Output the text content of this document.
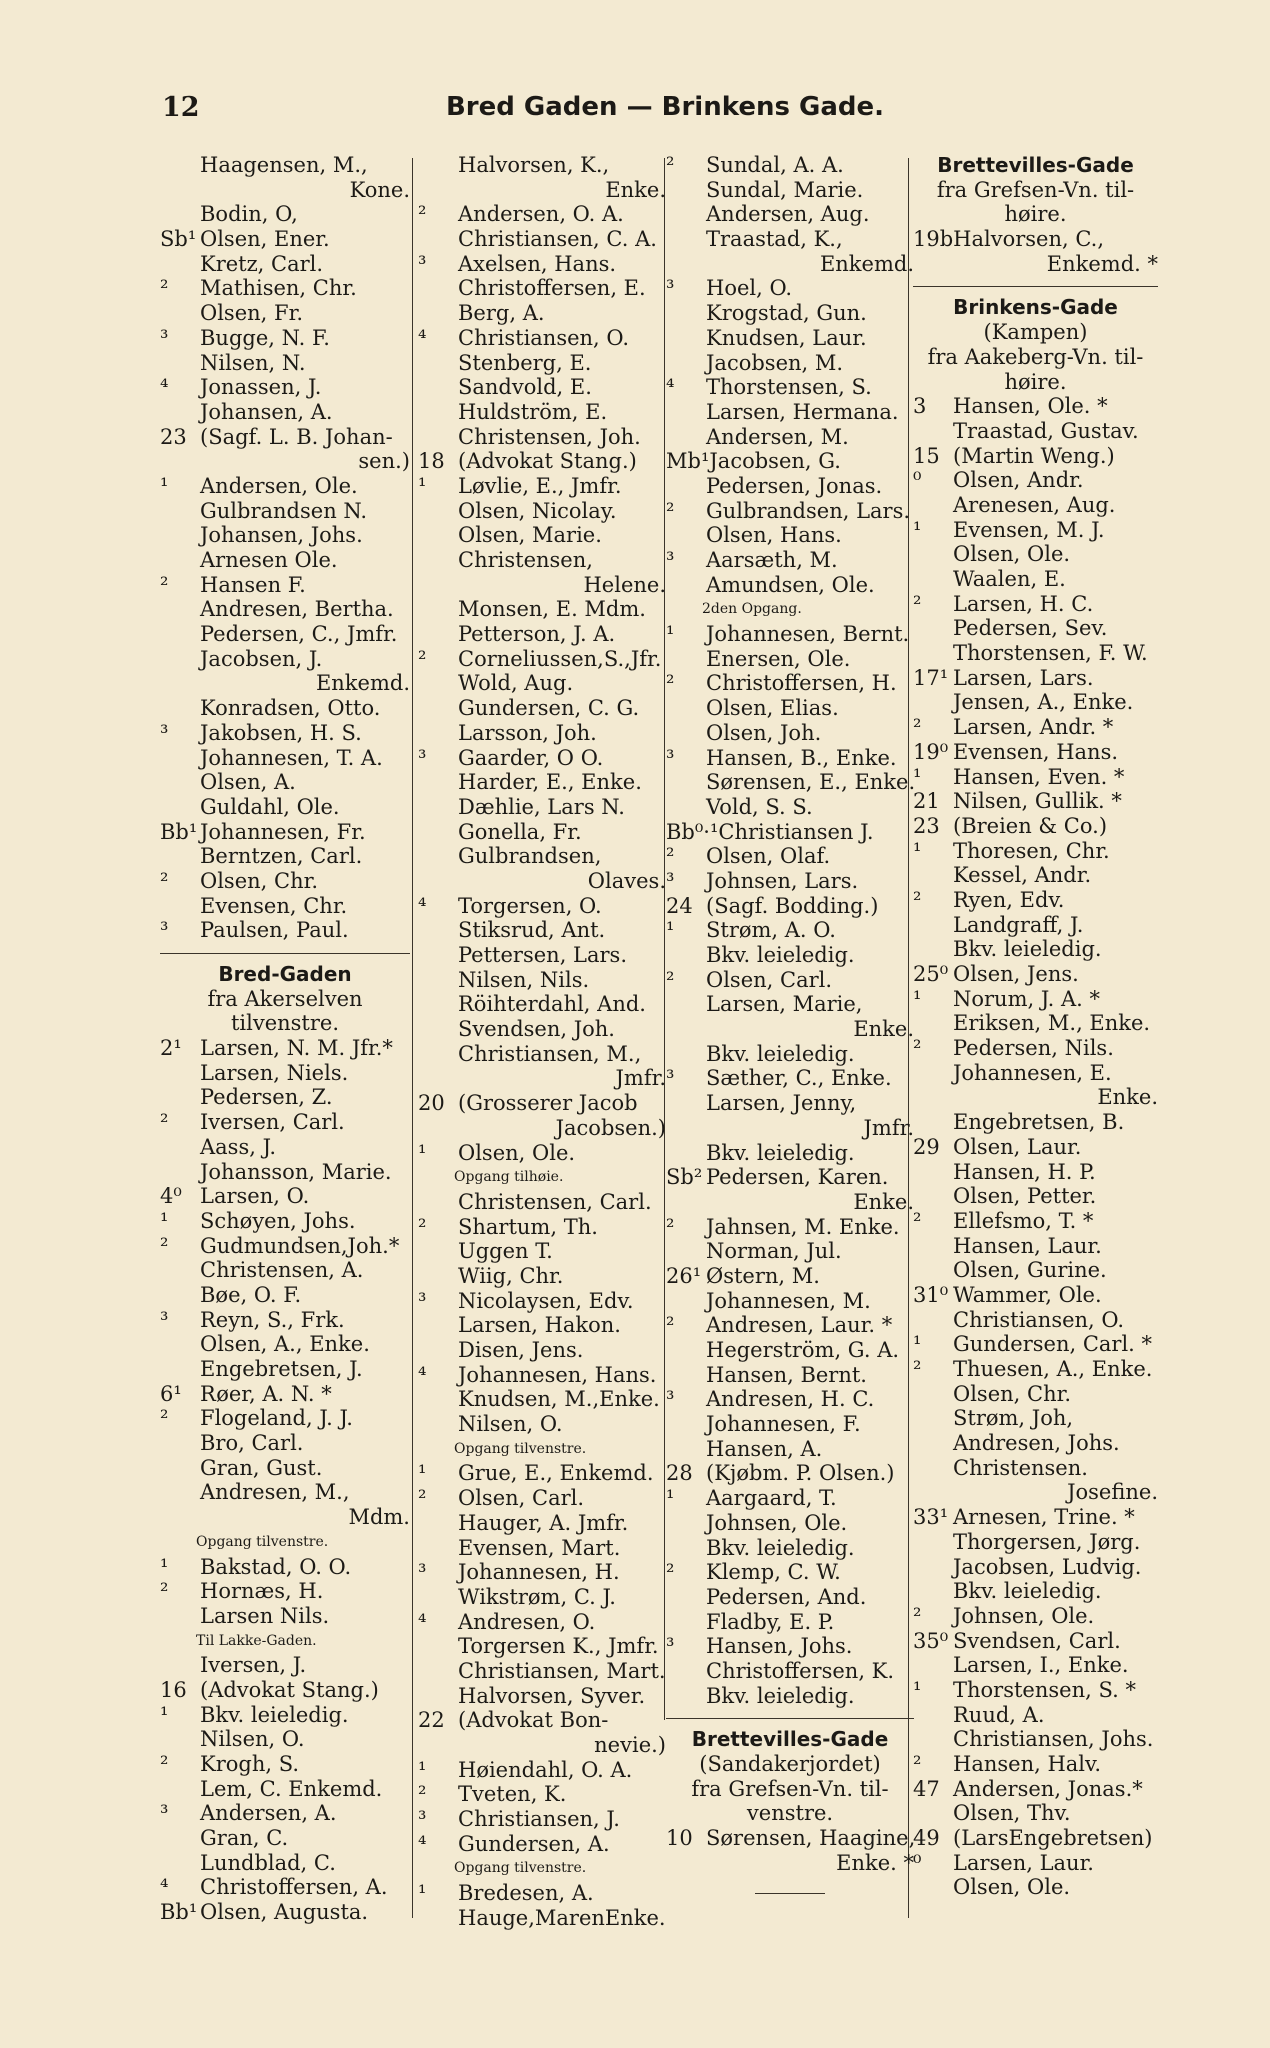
12	Bred Gaden — Brinkens Gade.
Haagensen, M.,
Kone.
Bodin, O,
Sb¹ Olsen, Ener.
Kretz, Carl.
² Mathisen, Chr.
Olsen, Fr.
³ Bugge, N. F.
Nilsen, N.
⁴ Jonassen, J.
Johansen, A.
23 (Sagf. L. B. Johan-
sen.)
¹ Andersen, Ole.
Gulbrandsen N.
Johansen, Johs.
Arnesen Ole.
² Hansen F.
Andresen, Bertha.
Pedersen, C., Jmfr.
Jacobsen, J.
Enkemd.
Konradsen, Otto.
³ Jakobsen, H. S.
Johannesen, T. A.
Olsen, A.
Guldahl, Ole.
Bb¹ Johannesen, Fr.
Berntzen, Carl.
² Olsen, Chr.
Evensen, Chr.
³ Paulsen, Paul.
Bred-Gaden
fra Akerselven
tilvenstre.
2¹ Larsen, N. M. Jfr.*
Larsen, Niels.
Pedersen, Z.
² Iversen, Carl.
Aass, J.
Johansson, Marie.
4⁰ Larsen, O.
¹ Schøyen, Johs.
² Gudmundsen,Joh.*
Christensen, A.
Bøe, O. F.
³ Reyn, S., Frk.
Olsen, A., Enke.
Engebretsen, J.
6¹ Røer, A. N. *
² Flogeland, J. J.
Bro, Carl.
Gran, Gust.
Andresen, M.,
Mdm.
Opgang tilvenstre.
¹ Bakstad, O. O.
² Hornæs, H.
Larsen Nils.
Til Lakke-Gaden.
Iversen, J.
16 (Advokat Stang.)
¹ Bkv. leieledig.
Nilsen, O.
² Krogh, S.
Lem, C. Enkemd.
³ Andersen, A.
Gran, C.
Lundblad, C.
⁴ Christoffersen, A.
Bb¹ Olsen, Augusta.
Halvorsen, K.,
Enke.
² Andersen, O. A.
Christiansen, C. A.
³ Axelsen, Hans.
Christoffersen, E.
Berg, A.
⁴ Christiansen, O.
Stenberg, E.
Sandvold, E.
Huldström, E.
Christensen, Joh.
18 (Advokat Stang.)
¹ Løvlie, E., Jmfr.
Olsen, Nicolay.
Olsen, Marie.
Christensen,
Helene.
Monsen, E. Mdm.
Petterson, J. A.
² Corneliussen,S.,Jfr.
Wold, Aug.
Gundersen, C. G.
Larsson, Joh.
³ Gaarder, O O.
Harder, E., Enke.
Dæhlie, Lars N.
Gonella, Fr.
Gulbrandsen,
Olaves.
⁴ Torgersen, O.
Stiksrud, Ant.
Pettersen, Lars.
Nilsen, Nils.
Röihterdahl, And.
Svendsen, Joh.
Christiansen, M.,
Jmfr.
20 (Grosserer Jacob
Jacobsen.)
¹ Olsen, Ole.
Opgang tilhøie.
Christensen, Carl.
² Shartum, Th.
Uggen T.
Wiig, Chr.
³ Nicolaysen, Edv.
Larsen, Hakon.
Disen, Jens.
⁴ Johannesen, Hans.
Knudsen, M.,Enke.
Nilsen, O.
Opgang tilvenstre.
¹ Grue, E., Enkemd.
² Olsen, Carl.
Hauger, A. Jmfr.
Evensen, Mart.
³ Johannesen, H.
Wikstrøm, C. J.
⁴ Andresen, O.
Torgersen K., Jmfr.
Christiansen, Mart.
Halvorsen, Syver.
22 (Advokat Bon-
nevie.)
¹ Høiendahl, O. A.
² Tveten, K.
³ Christiansen, J.
⁴ Gundersen, A.
Opgang tilvenstre.
¹ Bredesen, A.
Hauge,MarenEnke.
² Sundal, A. A.
Sundal, Marie.
Andersen, Aug.
Traastad, K.,
Enkemd.
³ Hoel, O.
Krogstad, Gun.
Knudsen, Laur.
Jacobsen, M.
⁴ Thorstensen, S.
Larsen, Hermana.
Andersen, M.
Mb¹Jacobsen, G.
Pedersen, Jonas.
² Gulbrandsen, Lars.
Olsen, Hans.
³ Aarsæth, M.
Amundsen, Ole.
2den Opgang.
¹ Johannesen, Bernt.
Enersen, Ole.
² Christoffersen, H.
Olsen, Elias.
Olsen, Joh.
³ Hansen, B., Enke.
Sørensen, E., Enke.
Vold, S. S.
Bb⁰·¹Christiansen J.
² Olsen, Olaf.
³ Johnsen, Lars.
24 (Sagf. Bodding.)
¹ Strøm, A. O.
Bkv. leieledig.
² Olsen, Carl.
Larsen, Marie,
Enke.
Bkv. leieledig.
³ Sæther, C., Enke.
Larsen, Jenny,
Jmfr.
Bkv. leieledig.
Sb² Pedersen, Karen.
Enke.
² Jahnsen, M. Enke.
Norman, Jul.
26¹ Østern, M.
Johannesen, M.
² Andresen, Laur. *
Hegerström, G. A.
Hansen, Bernt.
³ Andresen, H. C.
Johannesen, F.
Hansen, A.
28 (Kjøbm. P. Olsen.)
¹ Aargaard, T.
Johnsen, Ole.
Bkv. leieledig.
² Klemp, C. W.
Pedersen, And.
Fladby, E. P.
³ Hansen, Johs.
Christoffersen, K.
Bkv. leieledig.
Brettevilles-Gade
(Sandakerjordet)
fra Grefsen-Vn. til-
venstre.
10 Sørensen, Haagine,
Enke. *
Brettevilles-Gade
fra Grefsen-Vn. til-
høire.
19bHalvorsen, C.,
Enkemd. *
Brinkens-Gade
(Kampen)
fra Aakeberg-Vn. til-
høire.
3 Hansen, Ole. *
Traastad, Gustav.
15 (Martin Weng.)
⁰ Olsen, Andr.
Arenesen, Aug.
¹ Evensen, M. J.
Olsen, Ole.
Waalen, E.
² Larsen, H. C.
Pedersen, Sev.
Thorstensen, F. W.
17¹ Larsen, Lars.
Jensen, A., Enke.
² Larsen, Andr. *
19⁰ Evensen, Hans.
¹ Hansen, Even. *
21 Nilsen, Gullik. *
23 (Breien & Co.)
¹ Thoresen, Chr.
Kessel, Andr.
² Ryen, Edv.
Landgraff, J.
Bkv. leieledig.
25⁰ Olsen, Jens.
¹ Norum, J. A. *
Eriksen, M., Enke.
² Pedersen, Nils.
Johannesen, E.
Enke.
Engebretsen, B.
29 Olsen, Laur.
Hansen, H. P.
Olsen, Petter.
² Ellefsmo, T. *
Hansen, Laur.
Olsen, Gurine.
31⁰ Wammer, Ole.
Christiansen, O.
¹ Gundersen, Carl. *
² Thuesen, A., Enke.
Olsen, Chr.
Strøm, Joh,
Andresen, Johs.
Christensen.
Josefine.
33¹ Arnesen, Trine. *
Thorgersen, Jørg.
Jacobsen, Ludvig.
Bkv. leieledig.
² Johnsen, Ole.
35⁰ Svendsen, Carl.
Larsen, I., Enke.
¹ Thorstensen, S. *
Ruud, A.
Christiansen, Johs.
² Hansen, Halv.
47 Andersen, Jonas.*
Olsen, Thv.
49 (LarsEngebretsen)
⁰ Larsen, Laur.
Olsen, Ole.
